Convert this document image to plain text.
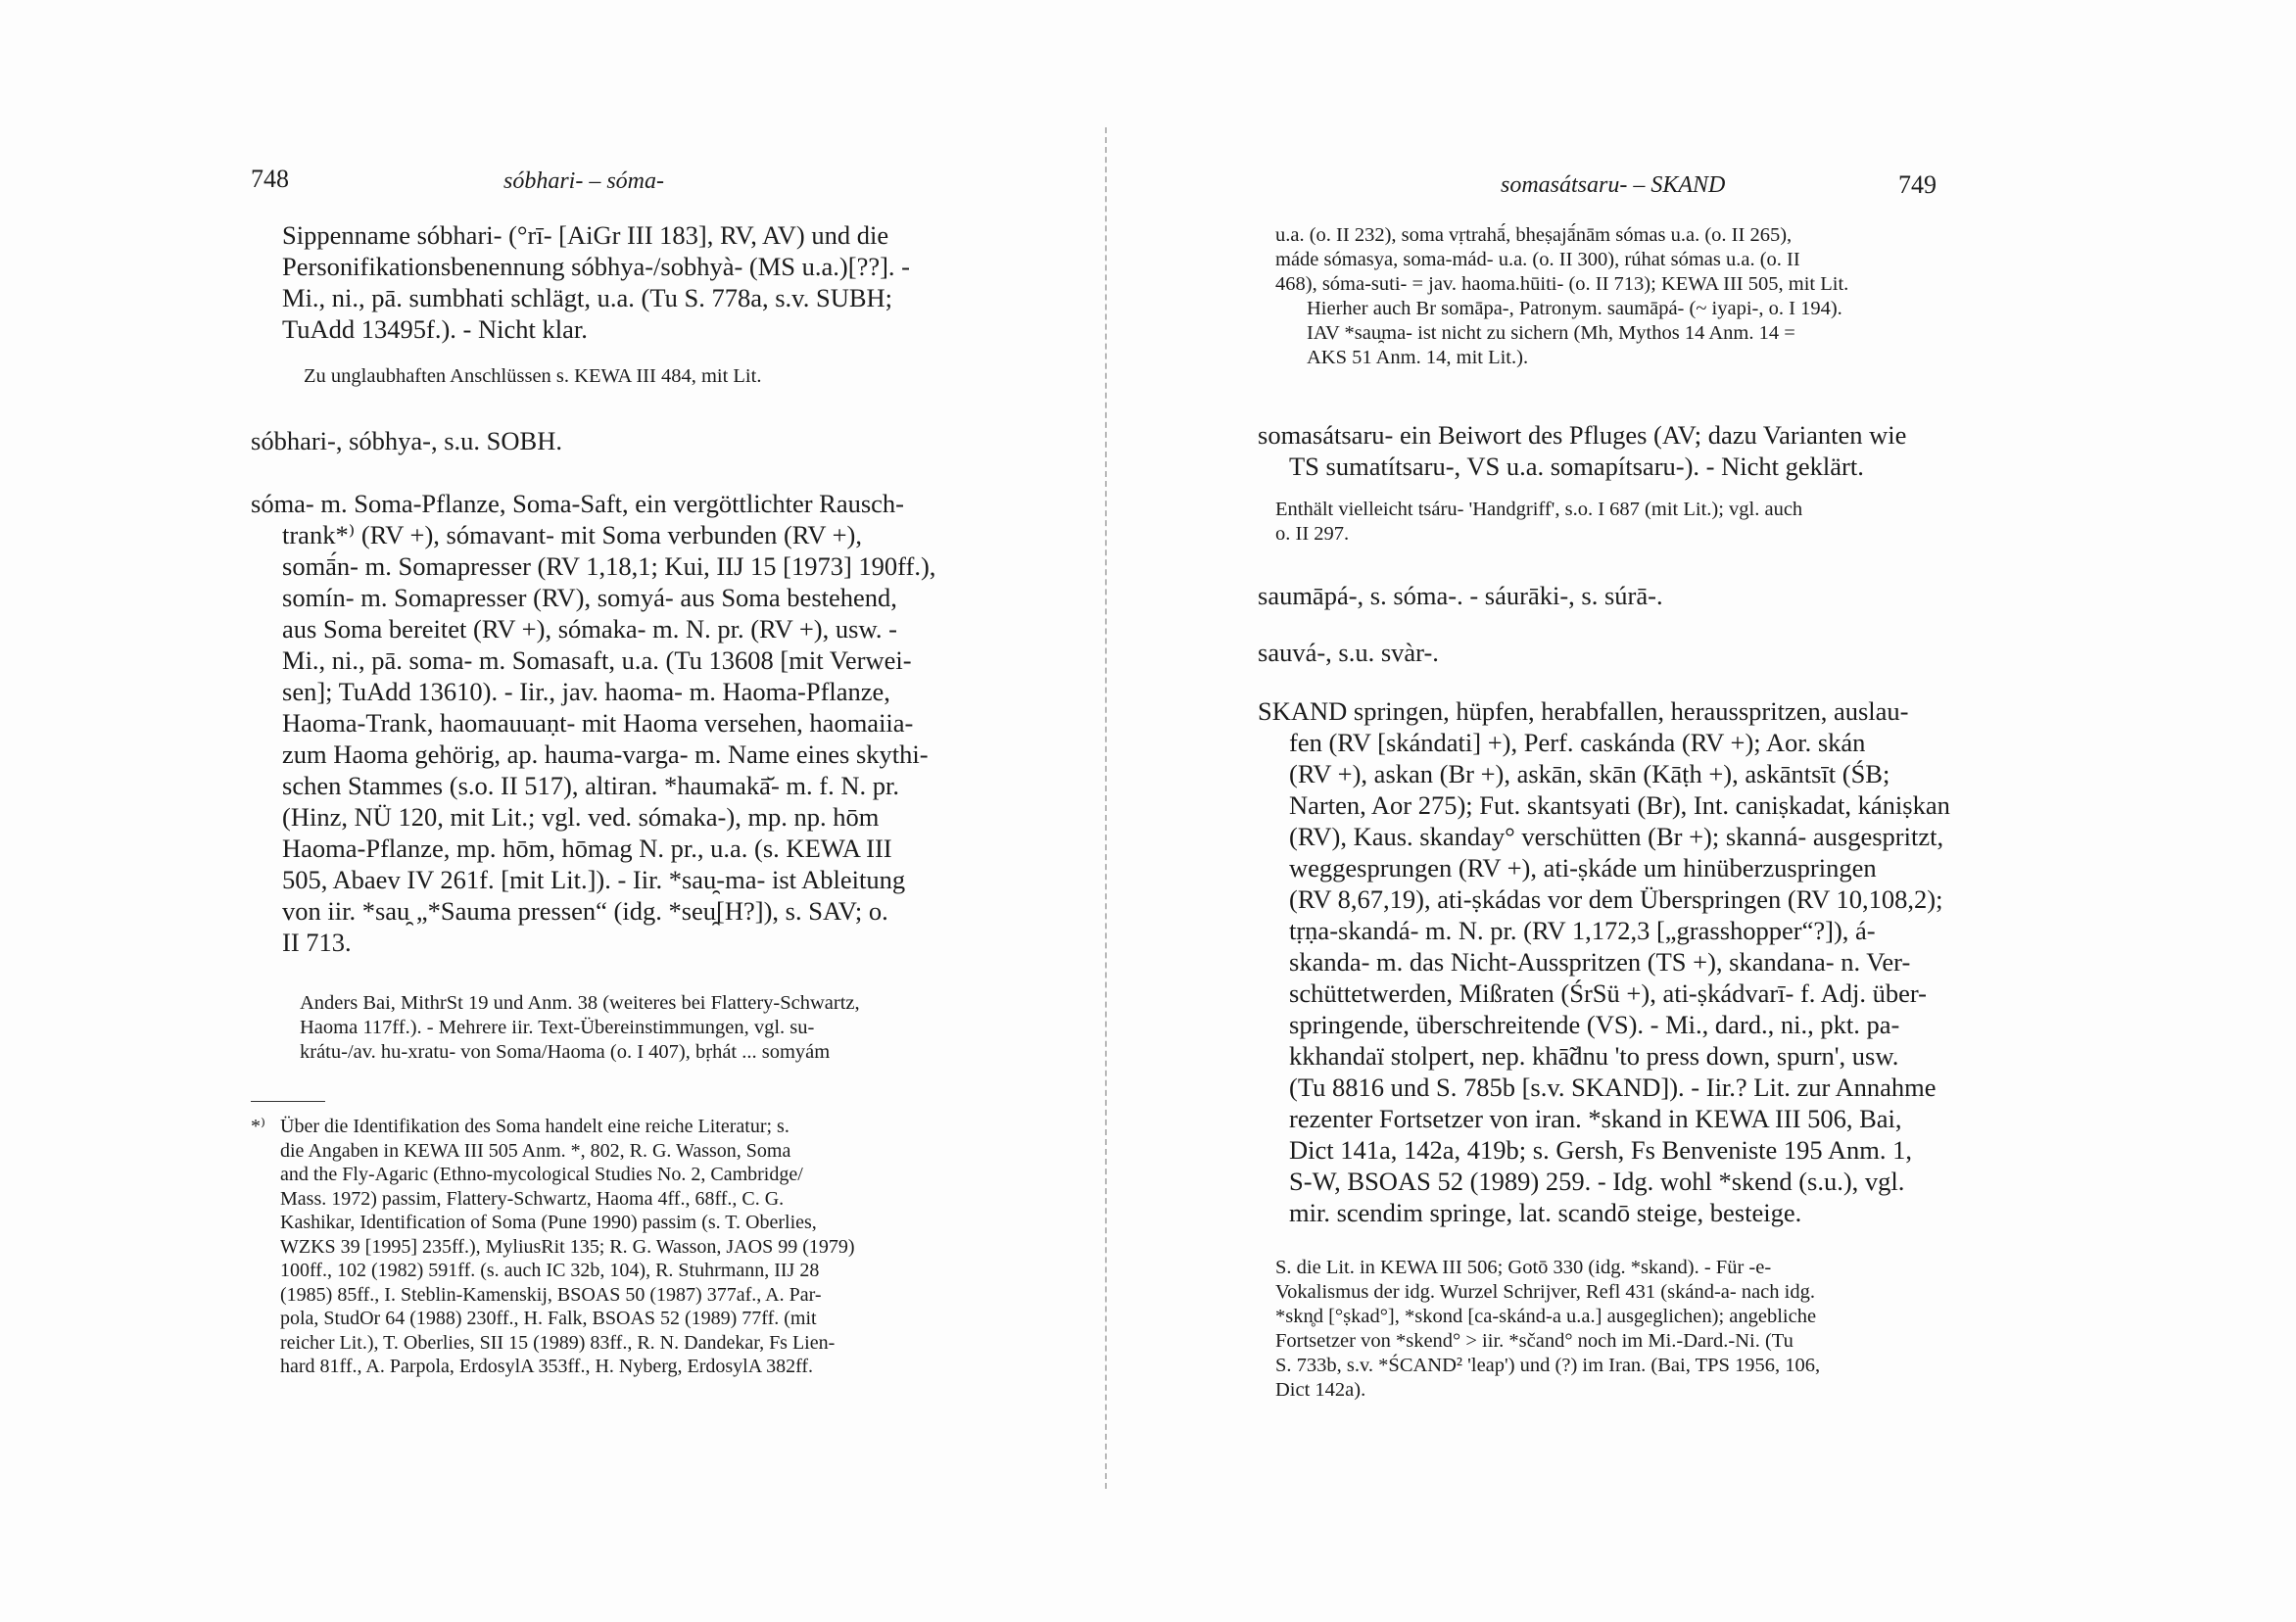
748	sóbhari- – sóma-
Sippenname sóbhari- (°rī- [AiGr III 183], RV, AV) und die
Personifikationsbenennung sóbhya-/sobhyà- (MS u.a.)[??]. -
Mi., ni., pā. sumbhati schlägt, u.a. (Tu S. 778a, s.v. SUBH;
TuAdd 13495f.). - Nicht klar.
Zu unglaubhaften Anschlüssen s. KEWA III 484, mit Lit.
sóbhari-, sóbhya-, s.u. SOBH.
sóma- m. Soma-Pflanze, Soma-Saft, ein vergöttlichter Rausch-
trank*⁾ (RV +), sómavant- mit Soma verbunden (RV +),
somā́n- m. Somapresser (RV 1,18,1; Kui, IIJ 15 [1973] 190ff.),
somín- m. Somapresser (RV), somyá- aus Soma bestehend,
aus Soma bereitet (RV +), sómaka- m. N. pr. (RV +), usw. -
Mi., ni., pā. soma- m. Somasaft, u.a. (Tu 13608 [mit Verwei-
sen]; TuAdd 13610). - Iir., jav. haoma- m. Haoma-Pflanze,
Haoma-Trank, haomauuaṇt- mit Haoma versehen, haomaiia-
zum Haoma gehörig, ap. hauma-varga- m. Name eines skythi-
schen Stammes (s.o. II 517), altiran. *haumakā̆- m. f. N. pr.
(Hinz, NÜ 120, mit Lit.; vgl. ved. sómaka-), mp. np. hōm
Haoma-Pflanze, mp. hōm, hōmag N. pr., u.a. (s. KEWA III
505, Abaev IV 261f. [mit Lit.]). - Iir. *sau̯-ma- ist Ableitung
von iir. *sau̯ „*Sauma pressen“ (idg. *seu̯[H?]), s. SAV; o.
II 713.
Anders Bai, MithrSt 19 und Anm. 38 (weiteres bei Flattery-Schwartz,
Haoma 117ff.). - Mehrere iir. Text-Übereinstimmungen, vgl. su-
krátu-/av. hu-xratu- von Soma/Haoma (o. I 407), bṛhát ... somyám
*⁾ Über die Identifikation des Soma handelt eine reiche Literatur; s.
die Angaben in KEWA III 505 Anm. *, 802, R. G. Wasson, Soma
and the Fly-Agaric (Ethno-mycological Studies No. 2, Cambridge/
Mass. 1972) passim, Flattery-Schwartz, Haoma 4ff., 68ff., C. G.
Kashikar, Identification of Soma (Pune 1990) passim (s. T. Oberlies,
WZKS 39 [1995] 235ff.), MyliusRit 135; R. G. Wasson, JAOS 99 (1979)
100ff., 102 (1982) 591ff. (s. auch IC 32b, 104), R. Stuhrmann, IIJ 28
(1985) 85ff., I. Steblin-Kamenskij, BSOAS 50 (1987) 377af., A. Par-
pola, StudOr 64 (1988) 230ff., H. Falk, BSOAS 52 (1989) 77ff. (mit
reicher Lit.), T. Oberlies, SII 15 (1989) 83ff., R. N. Dandekar, Fs Lien-
hard 81ff., A. Parpola, ErdosylA 353ff., H. Nyberg, ErdosylA 382ff.
somasátsaru- – SKAND	749
u.a. (o. II 232), soma vṛtrahā́, bheṣajā́nām sómas u.a. (o. II 265),
máde sómasya, soma-mád- u.a. (o. II 300), rúhat sómas u.a. (o. II
468), sóma-suti- = jav. haoma.hūiti- (o. II 713); KEWA III 505, mit Lit.
Hierher auch Br somāpa-, Patronym. saumāpá- (~ iyapi-, o. I 194).
IAV *sau̯ma- ist nicht zu sichern (Mh, Mythos 14 Anm. 14 =
AKS 51 Anm. 14, mit Lit.).
somasátsaru- ein Beiwort des Pfluges (AV; dazu Varianten wie
TS sumatítsaru-, VS u.a. somapítsaru-). - Nicht geklärt.
Enthält vielleicht tsáru- 'Handgriff', s.o. I 687 (mit Lit.); vgl. auch
o. II 297.
saumāpá-, s. sóma-. - sáurāki-, s. súrā-.
sauvá-, s.u. svàr-.
SKAND springen, hüpfen, herabfallen, herausspritzen, auslau-
fen (RV [skándati] +), Perf. caskánda (RV +); Aor. skán
(RV +), askan (Br +), askān, skān (Kāṭh +), askāntsīt (ŚB;
Narten, Aor 275); Fut. skantsyati (Br), Int. caniṣkadat, kániṣkan
(RV), Kaus. skanday° verschütten (Br +); skanná- ausgespritzt,
weggesprungen (RV +), ati-ṣkáde um hinüberzuspringen
(RV 8,67,19), ati-ṣkádas vor dem Überspringen (RV 10,108,2);
tṛṇa-skandá- m. N. pr. (RV 1,172,3 [„grasshopper“?]), á-
skanda- m. das Nicht-Ausspritzen (TS +), skandana- n. Ver-
schüttetwerden, Mißraten (ŚrSü +), ati-ṣkádvarī- f. Adj. über-
springende, überschreitende (VS). - Mi., dard., ni., pkt. pa-
kkhandaï stolpert, nep. khā̃dnu 'to press down, spurn', usw.
(Tu 8816 und S. 785b [s.v. SKAND]). - Iir.? Lit. zur Annahme
rezenter Fortsetzer von iran. *skand in KEWA III 506, Bai,
Dict 141a, 142a, 419b; s. Gersh, Fs Benveniste 195 Anm. 1,
S-W, BSOAS 52 (1989) 259. - Idg. wohl *skend (s.u.), vgl.
mir. scendim springe, lat. scandō steige, besteige.
S. die Lit. in KEWA III 506; Gotō 330 (idg. *skand). - Für -e-
Vokalismus der idg. Wurzel Schrijver, Refl 431 (skánd-a- nach idg.
*skn̥d [°ṣkad°], *skond [ca-skánd-a u.a.] ausgeglichen); angebliche
Fortsetzer von *skend° > iir. *sčand° noch im Mi.-Dard.-Ni. (Tu
S. 733b, s.v. *ŚCAND² 'leap') und (?) im Iran. (Bai, TPS 1956, 106,
Dict 142a).
